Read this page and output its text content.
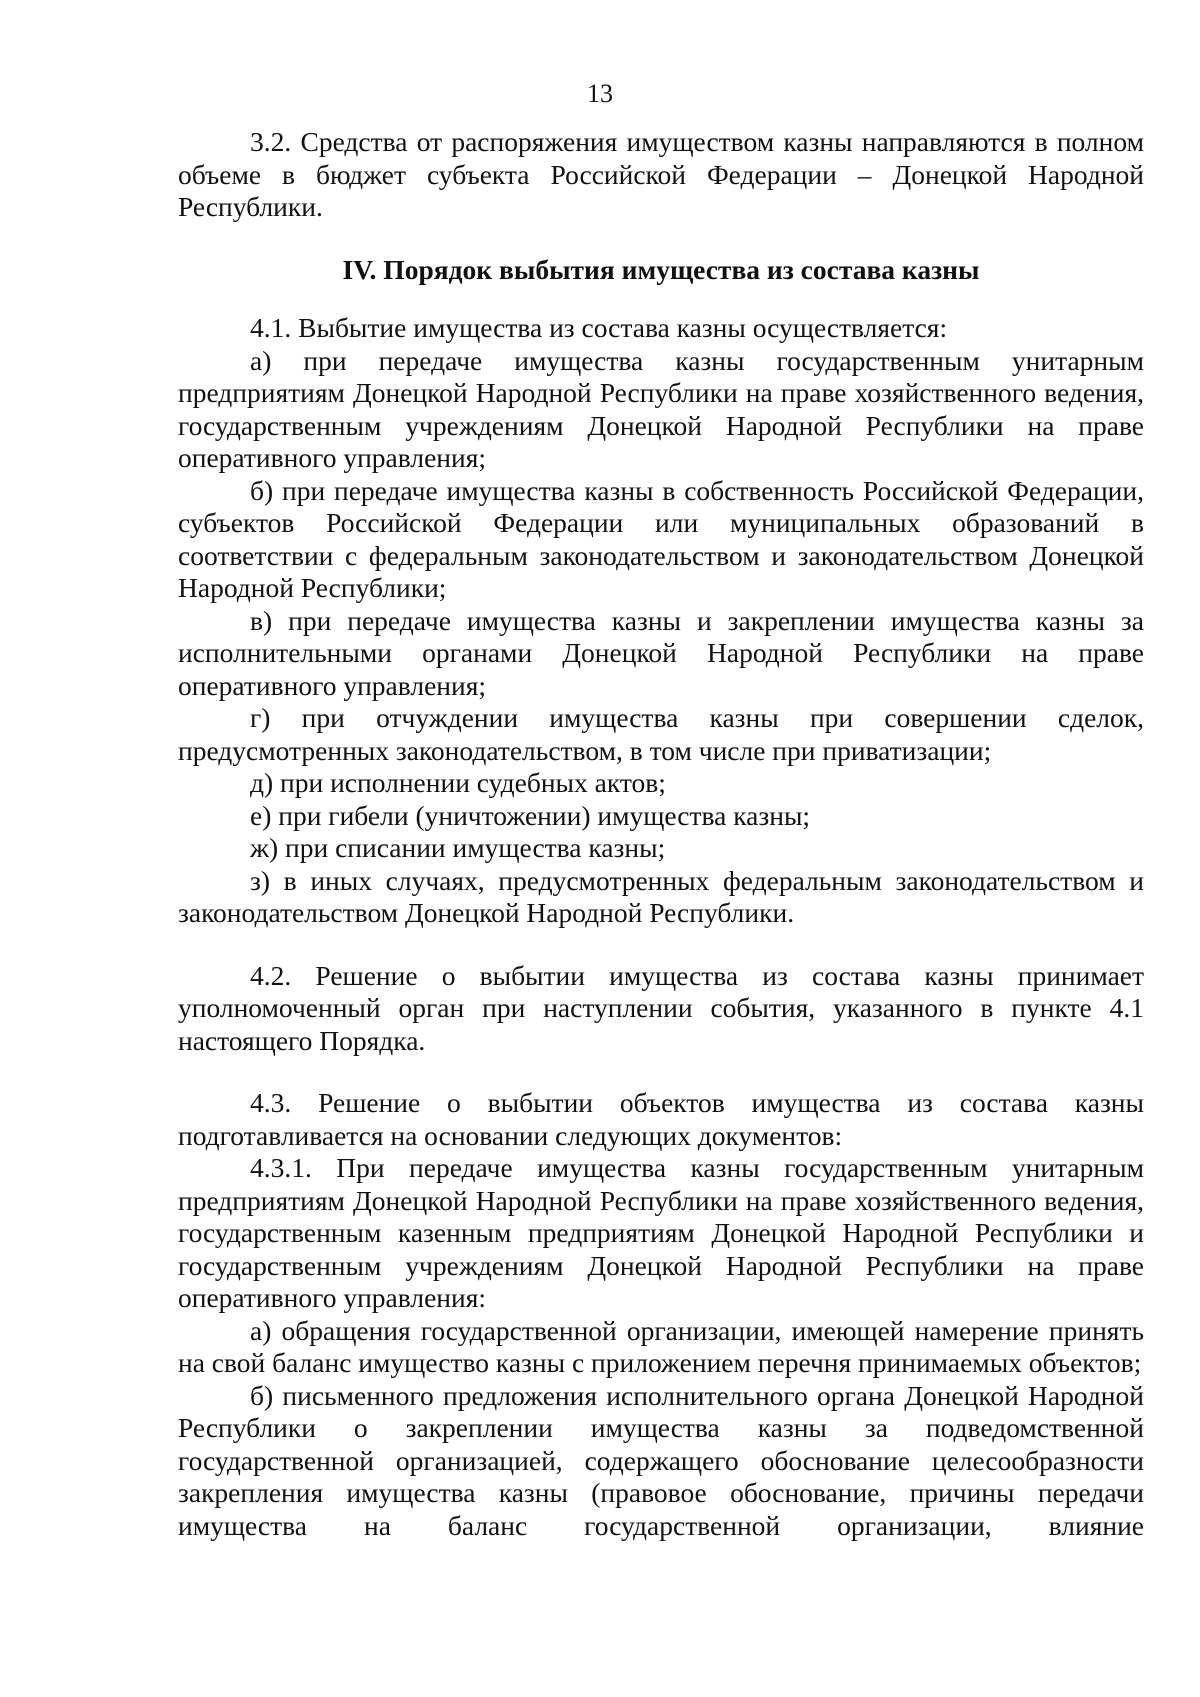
13

3.2. Средства от распоряжения имуществом казны направляются в полном объеме в бюджет субъекта Российской Федерации – Донецкой Народной Республики.

IV. Порядок выбытия имущества из состава казны

4.1. Выбытие имущества из состава казны осуществляется:

а) при передаче имущества казны государственным унитарным предприятиям Донецкой Народной Республики на праве хозяйственного ведения, государственным учреждениям Донецкой Народной Республики на праве оперативного управления;

б) при передаче имущества казны в собственность Российской Федерации, субъектов Российской Федерации или муниципальных образований в соответствии с федеральным законодательством и законодательством Донецкой Народной Республики;

в) при передаче имущества казны и закреплении имущества казны за исполнительными органами Донецкой Народной Республики на праве оперативного управления;

г) при отчуждении имущества казны при совершении сделок, предусмотренных законодательством, в том числе при приватизации;

д) при исполнении судебных актов;

е) при гибели (уничтожении) имущества казны;

ж) при списании имущества казны;

з) в иных случаях, предусмотренных федеральным законодательством и законодательством Донецкой Народной Республики.

4.2. Решение о выбытии имущества из состава казны принимает уполномоченный орган при наступлении события, указанного в пункте 4.1 настоящего Порядка.

4.3. Решение о выбытии объектов имущества из состава казны подготавливается на основании следующих документов:

4.3.1. При передаче имущества казны государственным унитарным предприятиям Донецкой Народной Республики на праве хозяйственного ведения, государственным казенным предприятиям Донецкой Народной Республики и государственным учреждениям Донецкой Народной Республики на праве оперативного управления:

а) обращения государственной организации, имеющей намерение принять на свой баланс имущество казны с приложением перечня принимаемых объектов;

б) письменного предложения исполнительного органа Донецкой Народной Республики о закреплении имущества казны за подведомственной государственной организацией, содержащего обоснование целесообразности закрепления имущества казны (правовое обоснование, причины передачи имущества на баланс государственной организации, влияние
